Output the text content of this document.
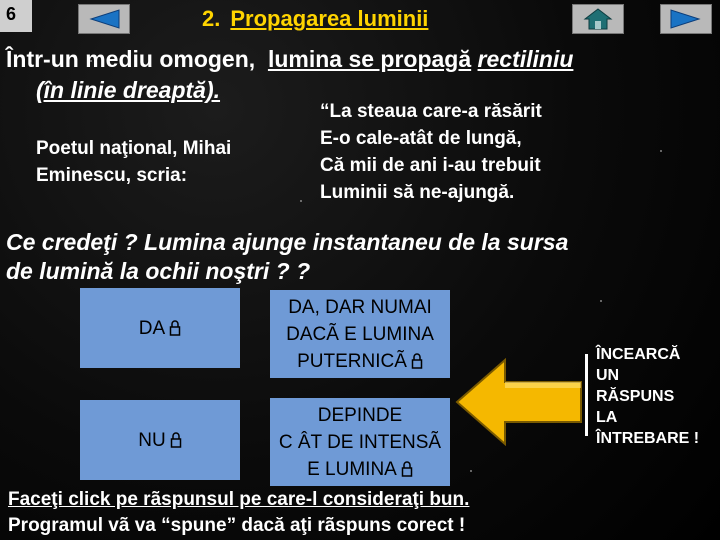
6	2. Propagarea luminii
Într-un mediu omogen, lumina se propagă rectiliniu
(în linie dreaptă).
“La steaua care-a răsărit
E-o cale-atât de lungă,
Că mii de ani i-au trebuit
Luminii să ne-ajungă.
Poetul naţional, Mihai
Eminescu, scria:
Ce credeţi ? Lumina ajunge instantaneu de la sursa
de lumină la ochii noştri ? ?
DA
DA, DAR NUMAI
DACÃ E LUMINA
PUTERNICÃ
NU
DEPINDE
C ÂT DE INTENSÃ
E LUMINA
ÎNCEARCĂ
UN
RĂSPUNS
LA
ÎNTREBARE !
Faceţi click pe rãspunsul pe care-l consideraţi bun.
Programul vã va “spune” dacă aţi rãspuns corect !
